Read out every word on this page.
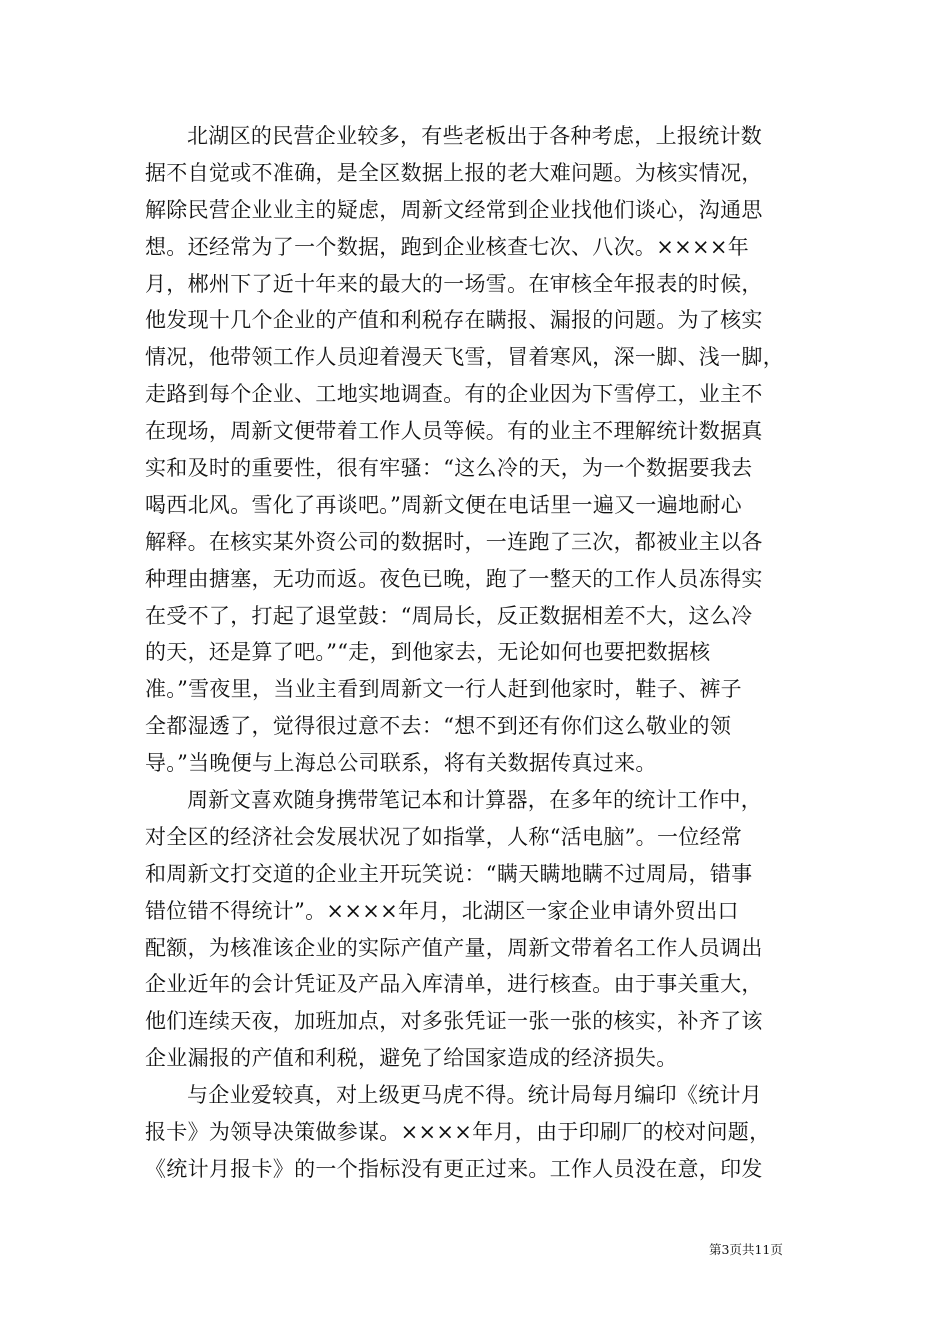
北湖区的民营企业较多，有些老板出于各种考虑，上报统计数
据不自觉或不准确，是全区数据上报的老大难问题。为核实情况，
解除民营企业业主的疑虑，周新文经常到企业找他们谈心，沟通思
想。还经常为了一个数据，跑到企业核查七次、八次。××××年
月，郴州下了近十年来的最大的一场雪。在审核全年报表的时候，
他发现十几个企业的产值和利税存在瞒报、漏报的问题。为了核实
情况，他带领工作人员迎着漫天飞雪，冒着寒风，深一脚、浅一脚，
走路到每个企业、工地实地调查。有的企业因为下雪停工，业主不
在现场，周新文便带着工作人员等候。有的业主不理解统计数据真
实和及时的重要性，很有牢骚：“这么冷的天，为一个数据要我去
喝西北风。雪化了再谈吧。”周新文便在电话里一遍又一遍地耐心
解释。在核实某外资公司的数据时，一连跑了三次，都被业主以各
种理由搪塞，无功而返。夜色已晚，跑了一整天的工作人员冻得实
在受不了，打起了退堂鼓：“周局长，反正数据相差不大，这么冷
的天，还是算了吧。”“走，到他家去，无论如何也要把数据核
准。”雪夜里，当业主看到周新文一行人赶到他家时，鞋子、裤子
全都湿透了，觉得很过意不去：“想不到还有你们这么敬业的领
导。”当晚便与上海总公司联系，将有关数据传真过来。
周新文喜欢随身携带笔记本和计算器，在多年的统计工作中，
对全区的经济社会发展状况了如指掌，人称“活电脑”。一位经常
和周新文打交道的企业主开玩笑说：“瞒天瞒地瞒不过周局，错事
错位错不得统计”。××××年月，北湖区一家企业申请外贸出口
配额，为核准该企业的实际产值产量，周新文带着名工作人员调出
企业近年的会计凭证及产品入库清单，进行核查。由于事关重大，
他们连续天夜，加班加点，对多张凭证一张一张的核实，补齐了该
企业漏报的产值和利税，避免了给国家造成的经济损失。
与企业爱较真，对上级更马虎不得。统计局每月编印《统计月
报卡》为领导决策做参谋。××××年月，由于印刷厂的校对问题，
《统计月报卡》的一个指标没有更正过来。工作人员没在意，印发
第3页共11页
